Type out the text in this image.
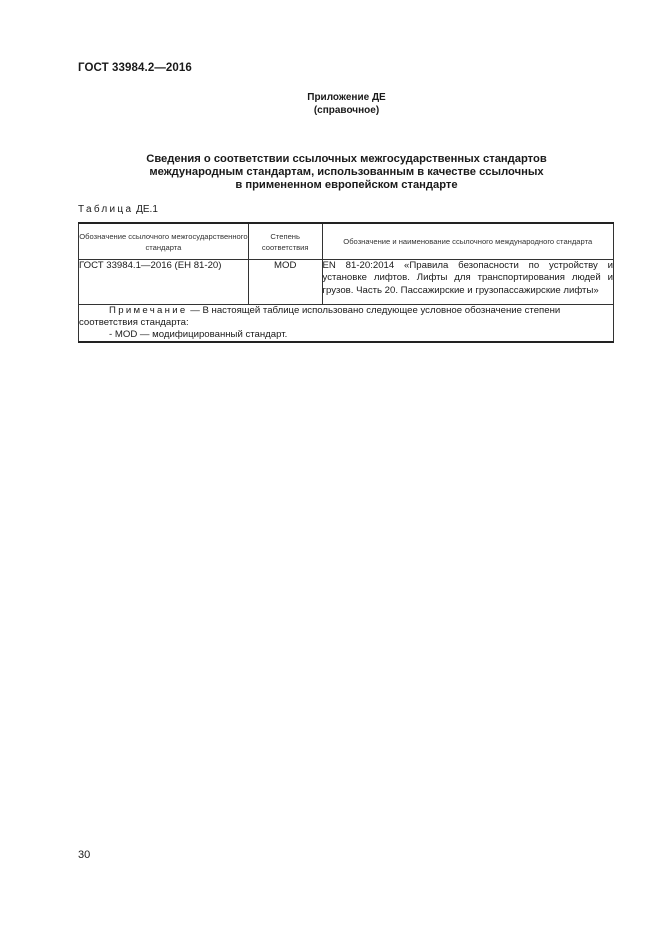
ГОСТ 33984.2—2016
Приложение ДЕ
(справочное)
Сведения о соответствии ссылочных межгосударственных стандартов
международным стандартам, использованным в качестве ссылочных
в примененном европейском стандарте
Таблица ДЕ.1
Обозначение ссылочного межгосударственного стандарта	Степень соответствия	Обозначение и наименование ссылочного международного стандарта
ГОСТ 33984.1—2016 (ЕН 81-20)	MOD	EN 81-20:2014 «Правила безопасности по устройству и установке лифтов. Лифты для транспортирования людей и грузов. Часть 20. Пассажирские и грузопассажирские лифты»

Примечание — В настоящей таблице использовано следующее условное обозначение степени соответствия стандарта:
- MOD — модифицированный стандарт.		
30
